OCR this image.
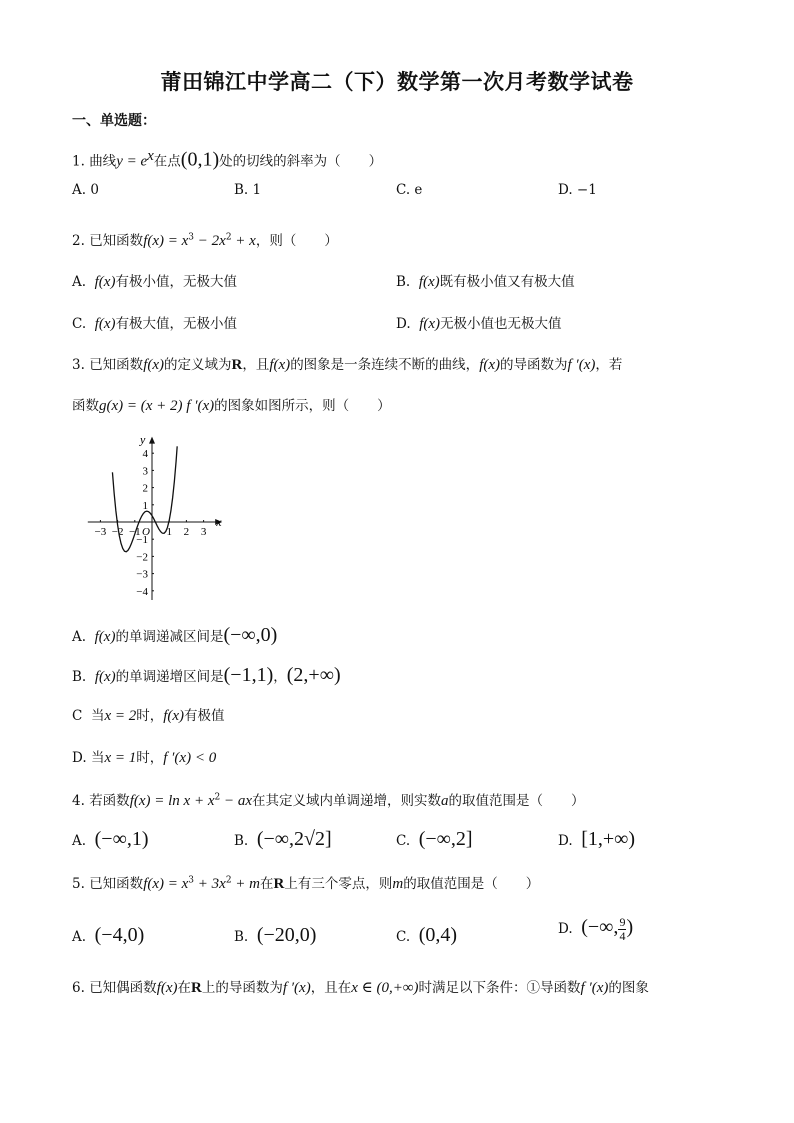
莆田锦江中学高二（下）数学第一次月考数学试卷
一、单选题：
1. 曲线$y = e^x$在点(0,1)处的切线的斜率为（ ）
A. 0	B. 1	C. e	D. −1
2. 已知函数$f(x) = x^3 - 2x^2 + x$，则（ ）
A. f(x)有极小值，无极大值	B. f(x)既有极小值又有极大值
C. f(x)有极大值，无极小值	D. f(x)无极小值也无极大值
3. 已知函数f(x)的定义域为R，且f(x)的图象是一条连续不断的曲线，f(x)的导函数为f ′(x)，若
函数g(x) = (x + 2) f ′(x)的图象如图所示，则（ ）
x
y
O
−3 −2 −1 1 2 3
4
3
2
1
−1
−2
−3
−4
A. f(x)的单调递减区间是(−∞,0)
B. f(x)的单调递增区间是(−1,1)，(2,+∞)
C 当x = 2时，f(x)有极值
D. 当x = 1时，f ′(x) < 0
4. 若函数$f(x) = \ln x + x^2$ − ax在其定义域内单调递增，则实数a的取值范围是（ ）
A. (−∞,1)	B. (−∞,2√2]	C. (−∞,2]	D. [1,+∞)
5. 已知函数$f(x) = x^3 + 3x^2 + m$在R上有三个零点，则m的取值范围是（ ）
A. (−4,0)	B. (−20,0)	C. (0,4)	D. (−∞, $\frac{9}{4}$ )
6. 已知偶函数f(x)在R上的导函数为f ′(x)，且在x ∈ (0,+∞)时满足以下条件：①导函数f ′(x)的图象
